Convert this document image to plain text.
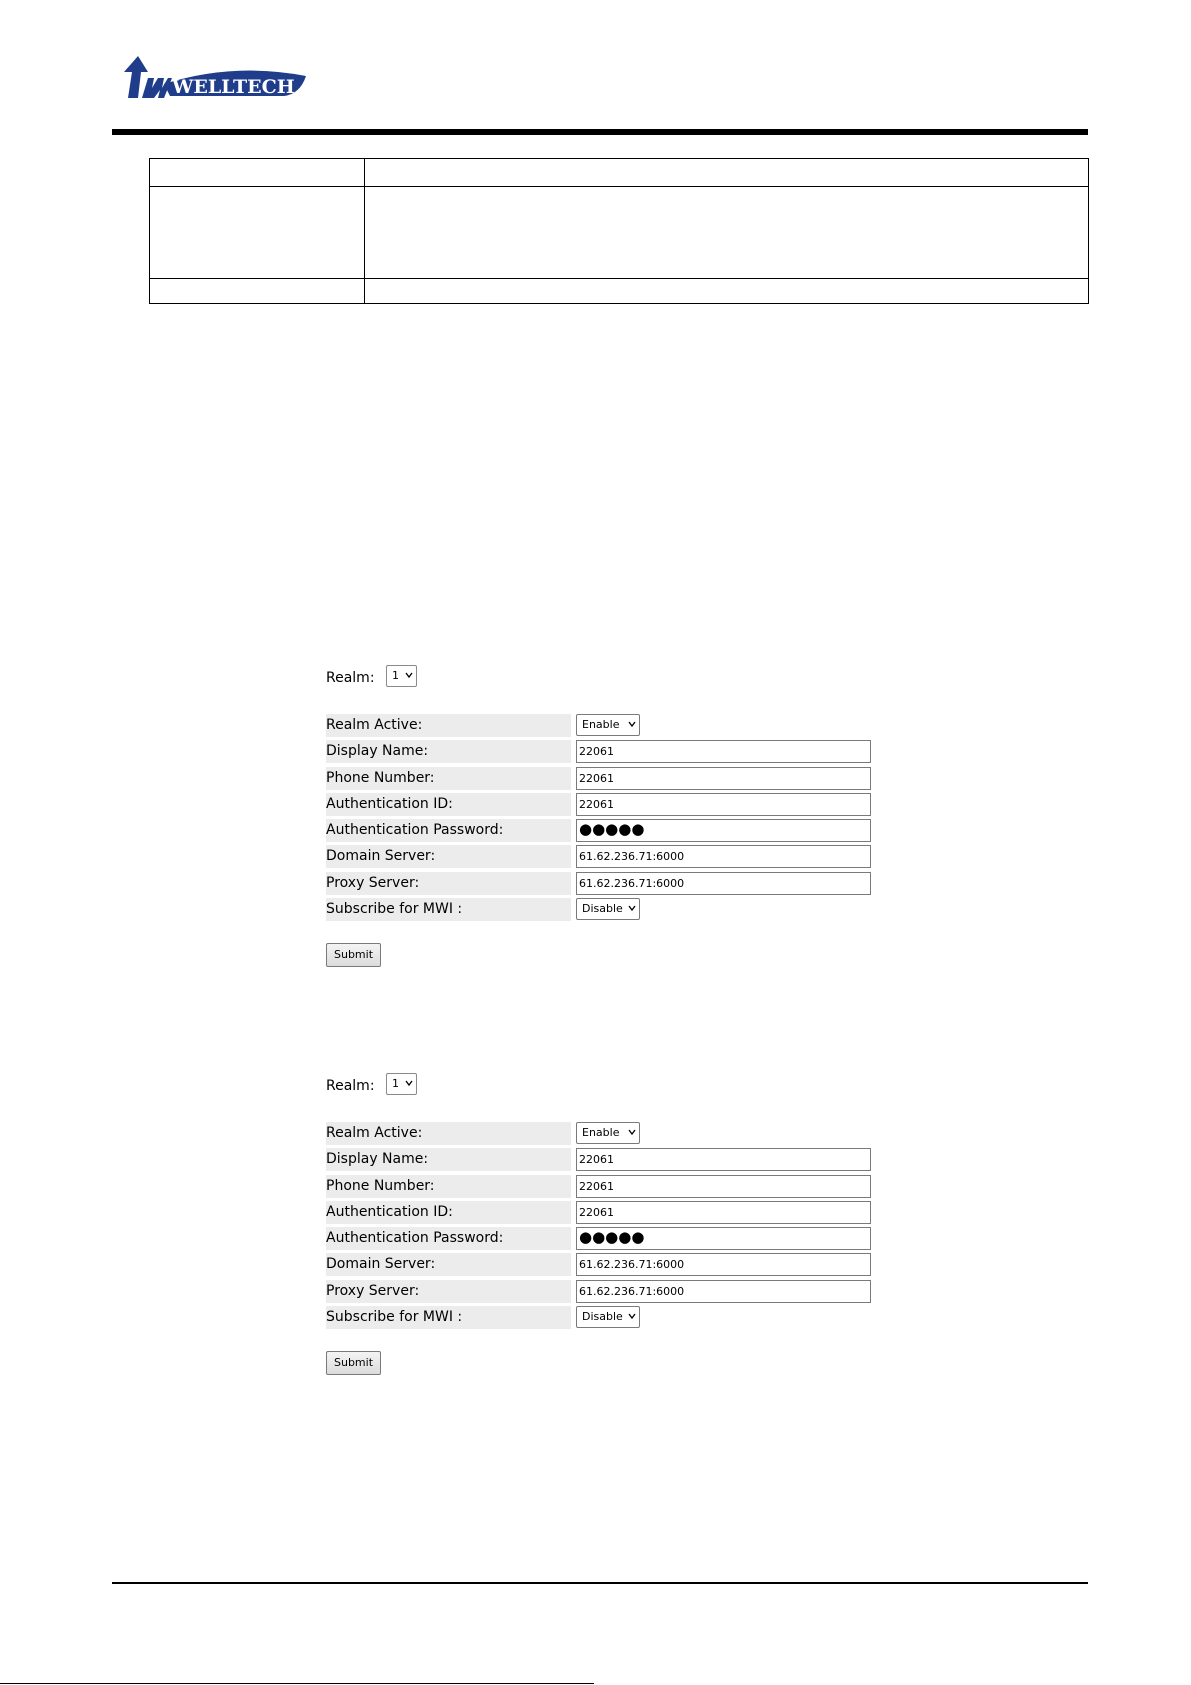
WELLTECH

Realm: 1
Realm Active:	Enable
Display Name:	22061
Phone Number:	22061
Authentication ID:	22061
Authentication Password:	●●●●●
Domain Server:	61.62.236.71:6000
Proxy Server:	61.62.236.71:6000
Subscribe for MWI :	Disable
Submit
Realm: 1
Realm Active:	Enable
Display Name:	22061
Phone Number:	22061
Authentication ID:	22061
Authentication Password:	●●●●●
Domain Server:	61.62.236.71:6000
Proxy Server:	61.62.236.71:6000
Subscribe for MWI :	Disable
Submit
